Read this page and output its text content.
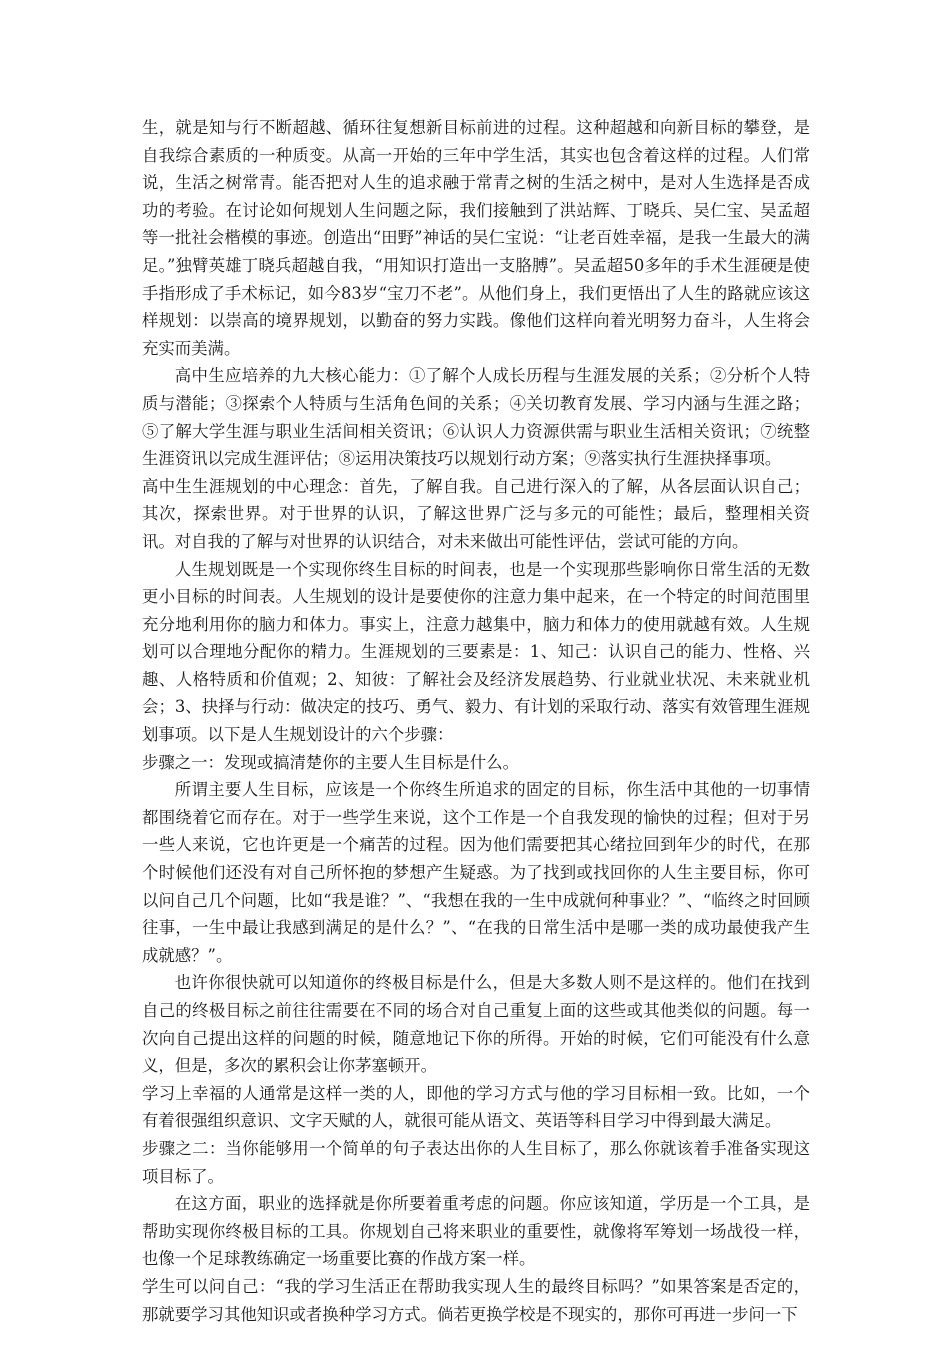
生，就是知与行不断超越、循环往复想新目标前进的过程。这种超越和向新目标的攀登，是自我综合素质的一种质变。从高一开始的三年中学生活，其实也包含着这样的过程。人们常说，生活之树常青。能否把对人生的追求融于常青之树的生活之树中，是对人生选择是否成功的考验。在讨论如何规划人生问题之际，我们接触到了洪站辉、丁晓兵、吴仁宝、吴孟超等一批社会楷模的事迹。创造出“田野”神话的吴仁宝说：“让老百姓幸福，是我一生最大的满足。”独臂英雄丁晓兵超越自我，“用知识打造出一支胳膊”。吴孟超50多年的手术生涯硬是使手指形成了手术标记，如今83岁“宝刀不老”。从他们身上，我们更悟出了人生的路就应该这样规划：以崇高的境界规划，以勤奋的努力实践。像他们这样向着光明努力奋斗，人生将会充实而美满。

高中生应培养的九大核心能力：①了解个人成长历程与生涯发展的关系；②分析个人特质与潜能；③探索个人特质与生活角色间的关系；④关切教育发展、学习内涵与生涯之路；⑤了解大学生涯与职业生活间相关资讯；⑥认识人力资源供需与职业生活相关资讯；⑦统整生涯资讯以完成生涯评估；⑧运用决策技巧以规划行动方案；⑨落实执行生涯抉择事项。

高中生生涯规划的中心理念：首先，了解自我。自己进行深入的了解，从各层面认识自己；其次，探索世界。对于世界的认识，了解这世界广泛与多元的可能性；最后，整理相关资讯。对自我的了解与对世界的认识结合，对未来做出可能性评估，尝试可能的方向。

人生规划既是一个实现你终生目标的时间表，也是一个实现那些影响你日常生活的无数更小目标的时间表。人生规划的设计是要使你的注意力集中起来，在一个特定的时间范围里充分地利用你的脑力和体力。事实上，注意力越集中，脑力和体力的使用就越有效。人生规划可以合理地分配你的精力。生涯规划的三要素是：1、知己：认识自己的能力、性格、兴趣、人格特质和价值观；2、知彼：了解社会及经济发展趋势、行业就业状况、未来就业机会；3、抉择与行动：做决定的技巧、勇气、毅力、有计划的采取行动、落实有效管理生涯规划事项。以下是人生规划设计的六个步骤：

步骤之一：发现或搞清楚你的主要人生目标是什么。

所谓主要人生目标，应该是一个你终生所追求的固定的目标，你生活中其他的一切事情都围绕着它而存在。对于一些学生来说，这个工作是一个自我发现的愉快的过程；但对于另一些人来说，它也许更是一个痛苦的过程。因为他们需要把其心绪拉回到年少的时代，在那个时候他们还没有对自己所怀抱的梦想产生疑惑。为了找到或找回你的人生主要目标，你可以问自己几个问题，比如“我是谁？”、“我想在我的一生中成就何种事业？”、“临终之时回顾往事，一生中最让我感到满足的是什么？”、“在我的日常生活中是哪一类的成功最使我产生成就感？”。

也许你很快就可以知道你的终极目标是什么，但是大多数人则不是这样的。他们在找到自己的终极目标之前往往需要在不同的场合对自己重复上面的这些或其他类似的问题。每一次向自己提出这样的问题的时候，随意地记下你的所得。开始的时候，它们可能没有什么意义，但是，多次的累积会让你茅塞顿开。

学习上幸福的人通常是这样一类的人，即他的学习方式与他的学习目标相一致。比如，一个有着很强组织意识、文字天赋的人，就很可能从语文、英语等科目学习中得到最大满足。

步骤之二：当你能够用一个简单的句子表达出你的人生目标了，那么你就该着手准备实现这项目标了。

在这方面，职业的选择就是你所要着重考虑的问题。你应该知道，学历是一个工具，是帮助实现你终极目标的工具。你规划自己将来职业的重要性，就像将军筹划一场战役一样，也像一个足球教练确定一场重要比赛的作战方案一样。

学生可以问自己：“我的学习生活正在帮助我实现人生的最终目标吗？”如果答案是否定的，那就要学习其他知识或者换种学习方式。倘若更换学校是不现实的，那你可再进一步问一下
